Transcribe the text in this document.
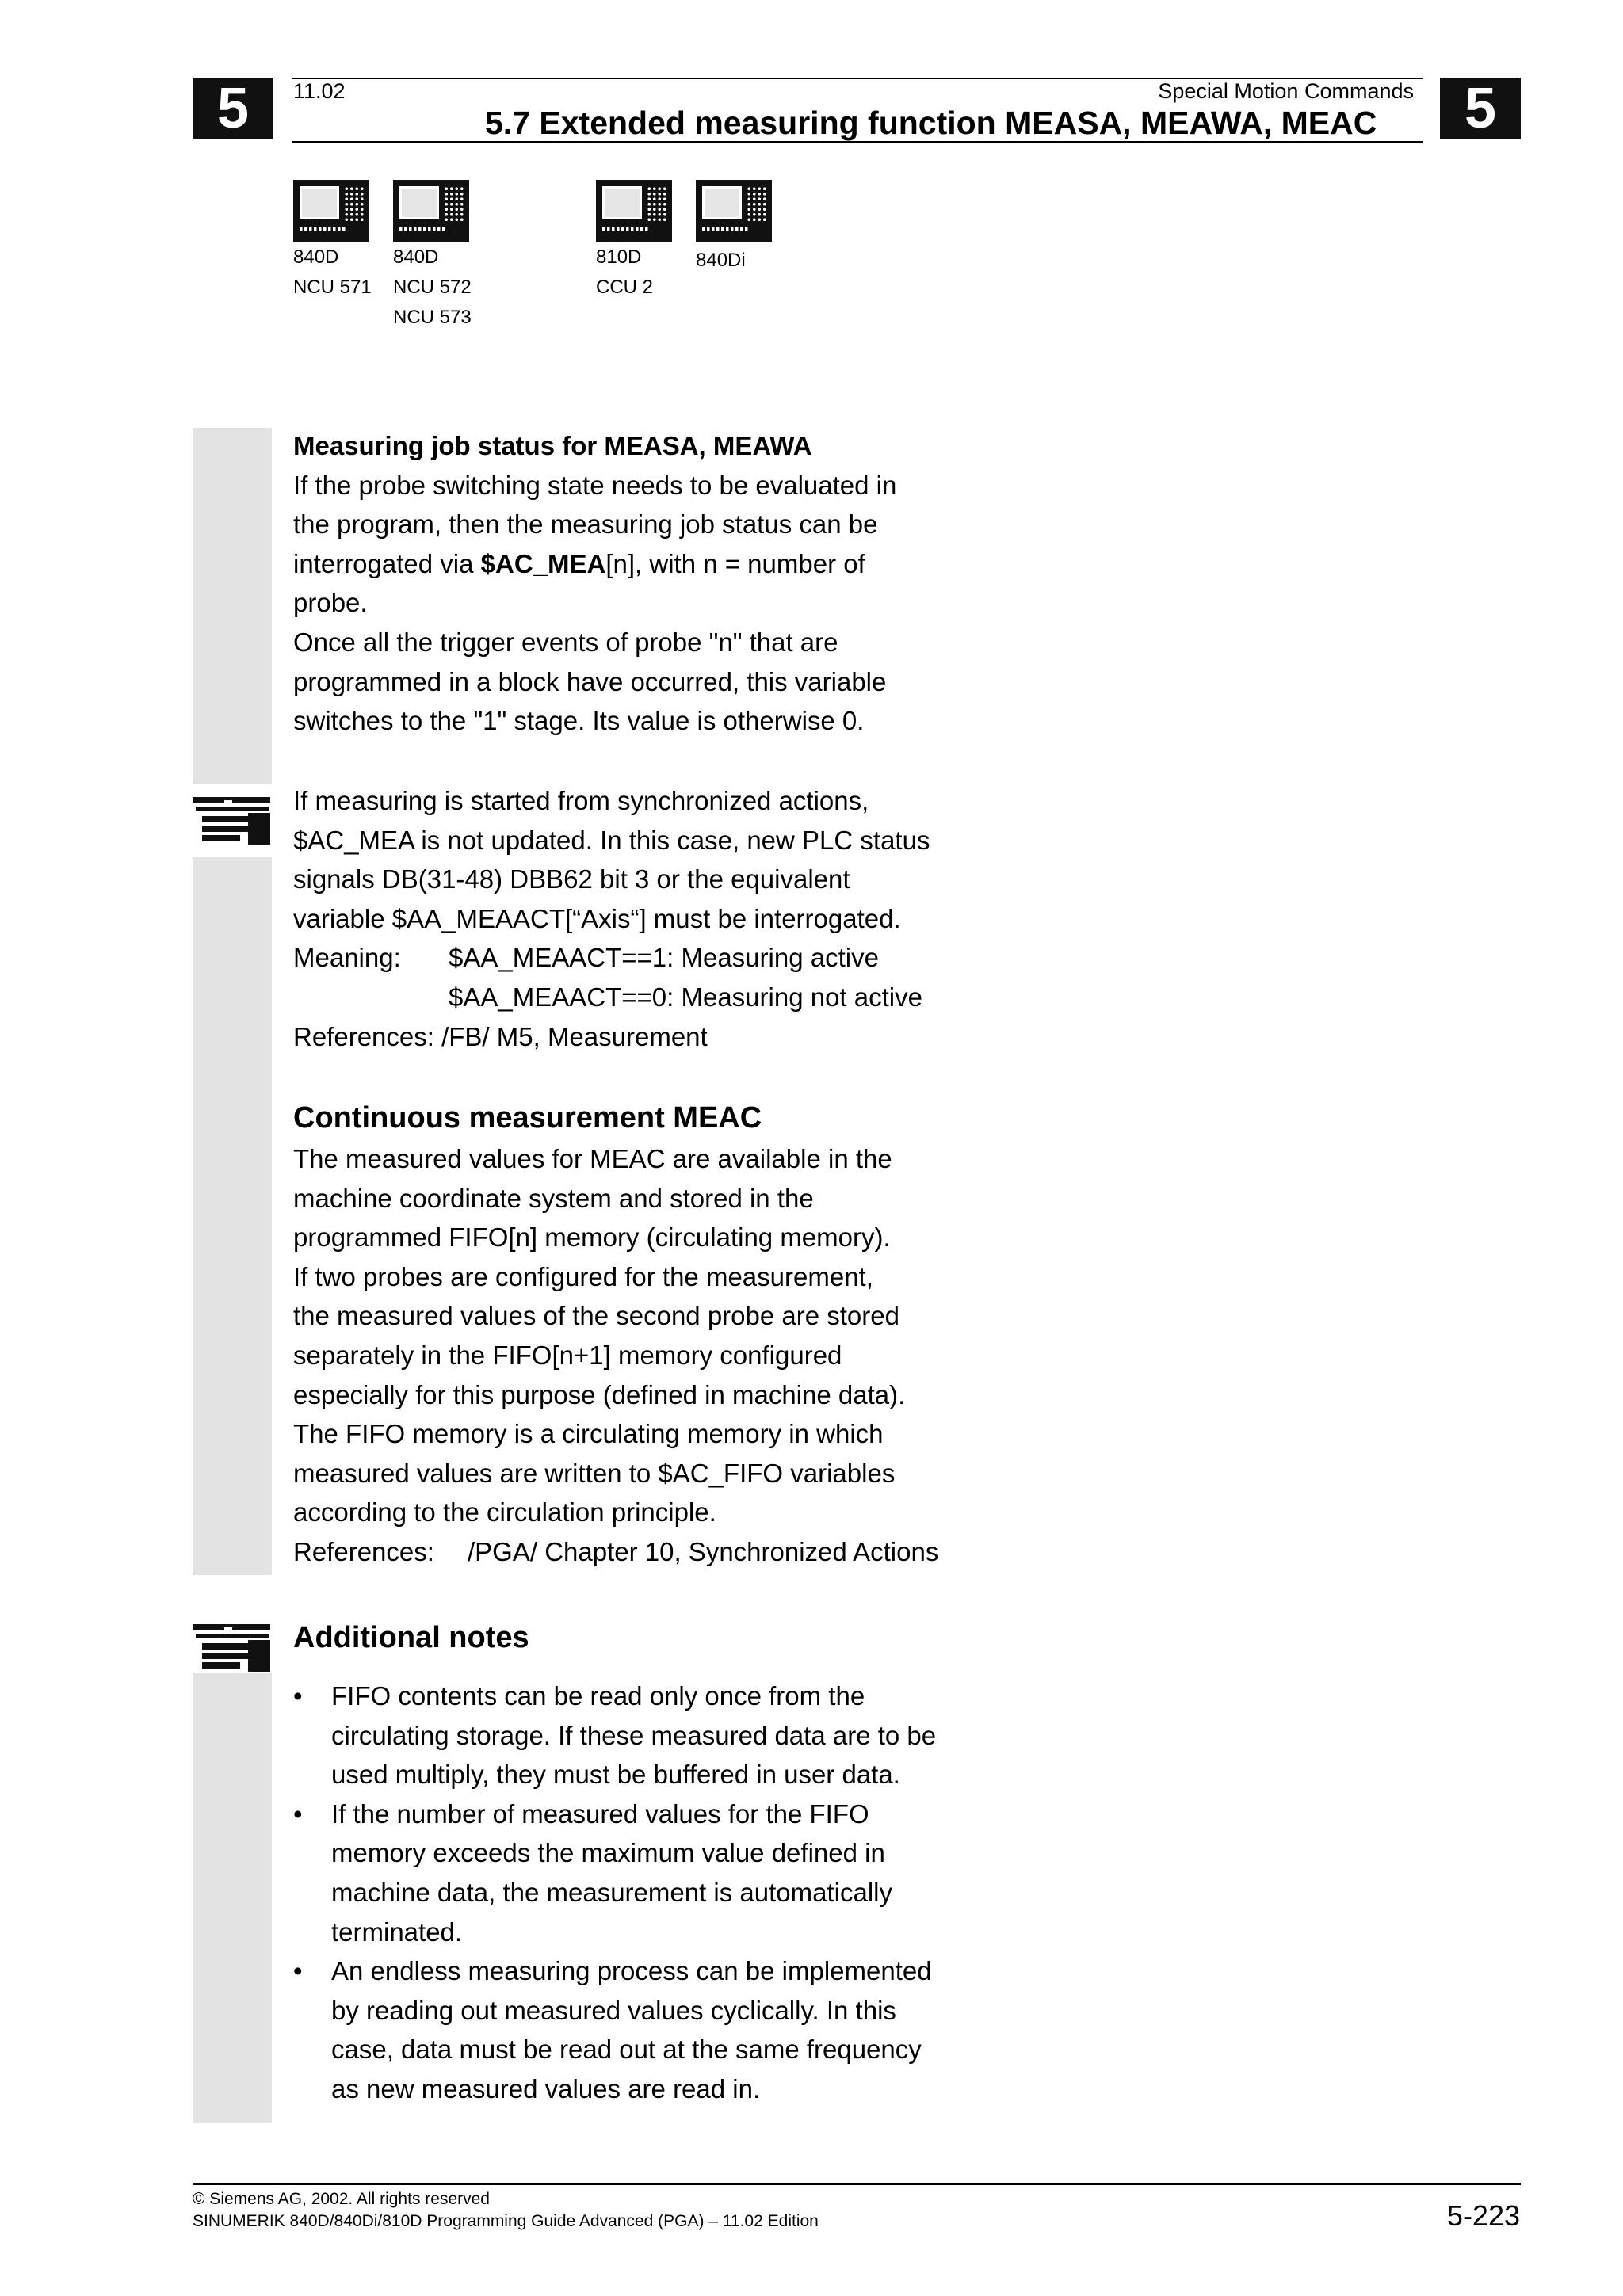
5	5
11.02	Special Motion Commands
5.7 Extended measuring function MEASA, MEAWA, MEAC
840D
NCU 571
840D
NCU 572
NCU 573
810D
CCU 2
840Di

Measuring job status for MEASA, MEAWA

If the probe switching state needs to be evaluated in

the program, then the measuring job status can be

interrogated via $AC_MEA[n], with n = number of

probe.

Once all the trigger events of probe "n" that are

programmed in a block have occurred, this variable

switches to the "1" stage. Its value is otherwise 0.

If measuring is started from synchronized actions,

$AC_MEA is not updated. In this case, new PLC status

signals DB(31-48) DBB62 bit 3 or the equivalent

variable $AA_MEAACT[“Axis“] must be interrogated.

Meaning: $AA_MEAACT==1: Measuring active

$AA_MEAACT==0: Measuring not active

References: /FB/ M5, Measurement

Continuous measurement MEAC

The measured values for MEAC are available in the

machine coordinate system and stored in the

programmed FIFO[n] memory (circulating memory).

If two probes are configured for the measurement,

the measured values of the second probe are stored

separately in the FIFO[n+1] memory configured

especially for this purpose (defined in machine data).

The FIFO memory is a circulating memory in which

measured values are written to $AC_FIFO variables

according to the circulation principle.

References: /PGA/ Chapter 10, Synchronized Actions

Additional notes

• FIFO contents can be read only once from the

circulating storage. If these measured data are to be

used multiply, they must be buffered in user data.

• If the number of measured values for the FIFO

memory exceeds the maximum value defined in

machine data, the measurement is automatically

terminated.

• An endless measuring process can be implemented

by reading out measured values cyclically. In this

case, data must be read out at the same frequency

as new measured values are read in.

© Siemens AG, 2002. All rights reserved
SINUMERIK 840D/840Di/810D Programming Guide Advanced (PGA) – 11.02 Edition	5-223
